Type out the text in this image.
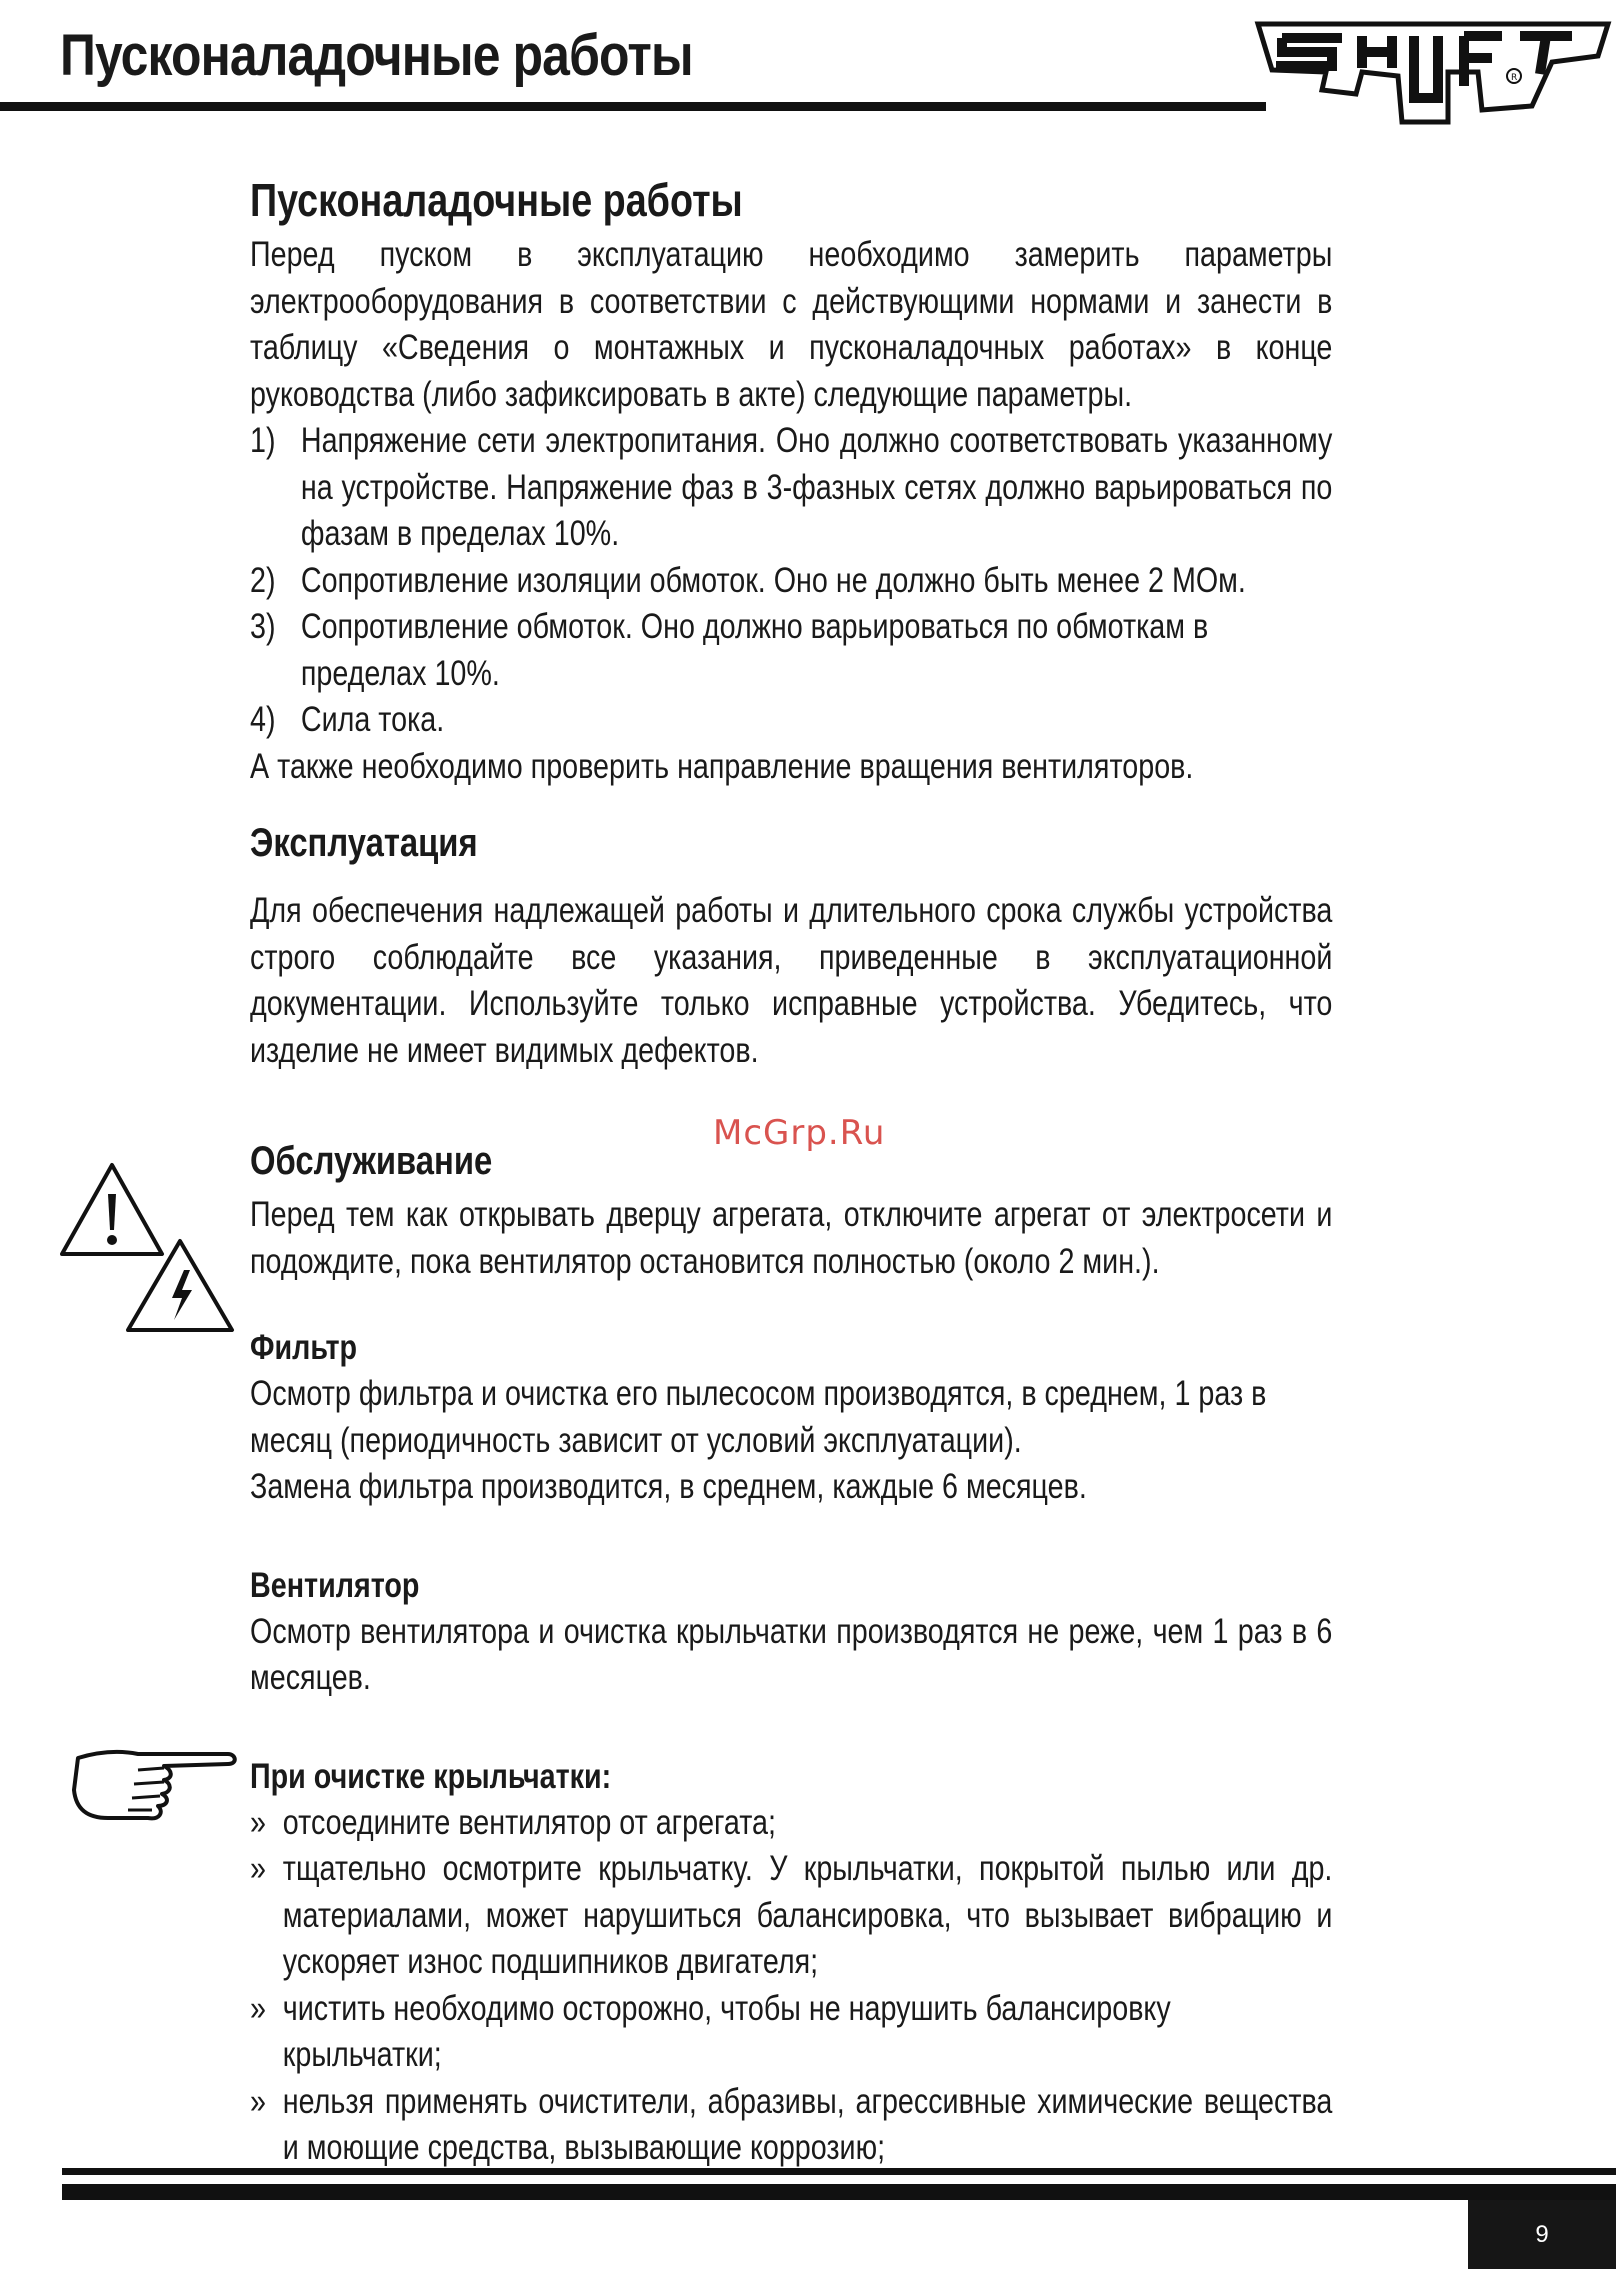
Пусконаладочные работы	R
McGrp.Ru
Пусконаладочные работы

Перед пуском в эксплуатацию необходимо замерить параметры электрооборудования в соответствии с действующими нормами и занести в таблицу «Сведения о монтажных и пусконаладочных работах» в конце руководства (либо зафиксировать в акте) следующие параметры.

1) Напряжение сети электропитания. Оно должно соответствовать указанному на устройстве. Напряжение фаз в 3-фазных сетях должно варьироваться по фазам в пределах 10%.
2) Сопротивление изоляции обмоток. Оно не должно быть менее 2 МОм.
3) Сопротивление обмоток. Оно должно варьироваться по обмоткам в пределах 10%.
4) Сила тока.

А также необходимо проверить направление вращения вентиляторов.

Эксплуатация

Для обеспечения надлежащей работы и длительного срока службы устройства строго соблюдайте все указания, приведенные в эксплуатационной документации. Используйте только исправные устройства. Убедитесь, что изделие не имеет видимых дефектов.

Обслуживание

Перед тем как открывать дверцу агрегата, отключите агрегат от электросети и подождите, пока вентилятор остановится полностью (около 2 мин.).

Фильтр

Осмотр фильтра и очистка его пылесосом производятся, в среднем, 1 раз в месяц (периодичность зависит от условий эксплуатации).

Замена фильтра производится, в среднем, каждые 6 месяцев.

Вентилятор

Осмотр вентилятора и очистка крыльчатки производятся не реже, чем 1 раз в 6 месяцев.

При очистке крыльчатки:
» отсоедините вентилятор от агрегата;
» тщательно осмотрите крыльчатку. У крыльчатки, покрытой пылью или др. материалами, может нарушиться балансировка, что вызывает вибрацию и ускоряет износ подшипников двигателя;
» чистить необходимо осторожно, чтобы не нарушить балансировку крыльчатки;
» нельзя применять очистители, абразивы, агрессивные химические вещества и моющие средства, вызывающие коррозию;
9
